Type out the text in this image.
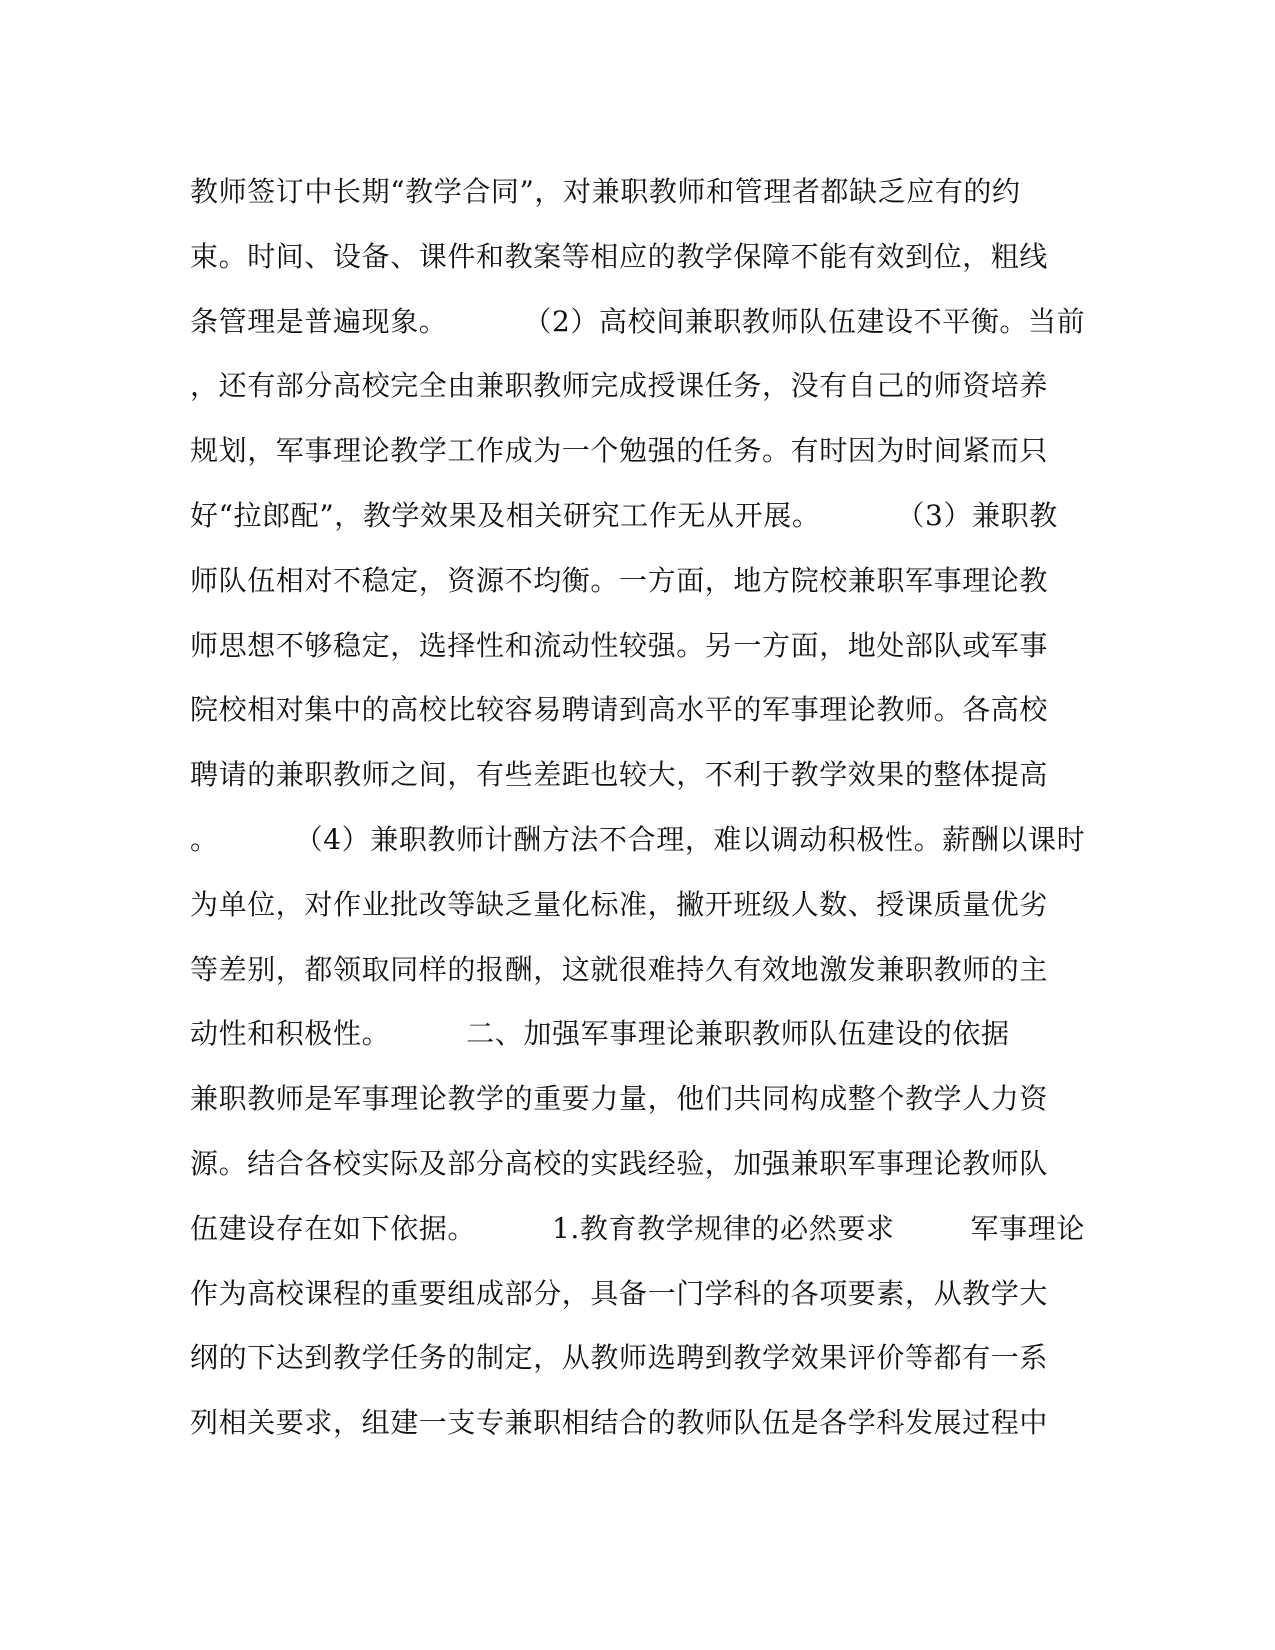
教师签订中长期“教学合同”，对兼职教师和管理者都缺乏应有的约
束。时间、设备、课件和教案等相应的教学保障不能有效到位，粗线
条管理是普遍现象。        （2）高校间兼职教师队伍建设不平衡。当前
，还有部分高校完全由兼职教师完成授课任务，没有自己的师资培养
规划，军事理论教学工作成为一个勉强的任务。有时因为时间紧而只
好“拉郎配”，教学效果及相关研究工作无从开展。        （3）兼职教
师队伍相对不稳定，资源不均衡。一方面，地方院校兼职军事理论教
师思想不够稳定，选择性和流动性较强。另一方面，地处部队或军事
院校相对集中的高校比较容易聘请到高水平的军事理论教师。各高校
聘请的兼职教师之间，有些差距也较大，不利于教学效果的整体提高
。        （4）兼职教师计酬方法不合理，难以调动积极性。薪酬以课时
为单位，对作业批改等缺乏量化标准，撇开班级人数、授课质量优劣
等差别，都领取同样的报酬，这就很难持久有效地激发兼职教师的主
动性和积极性。        二、加强军事理论兼职教师队伍建设的依据
兼职教师是军事理论教学的重要力量，他们共同构成整个教学人力资
源。结合各校实际及部分高校的实践经验，加强兼职军事理论教师队
伍建设存在如下依据。        1.教育教学规律的必然要求        军事理论
作为高校课程的重要组成部分，具备一门学科的各项要素，从教学大
纲的下达到教学任务的制定，从教师选聘到教学效果评价等都有一系
列相关要求，组建一支专兼职相结合的教师队伍是各学科发展过程中
